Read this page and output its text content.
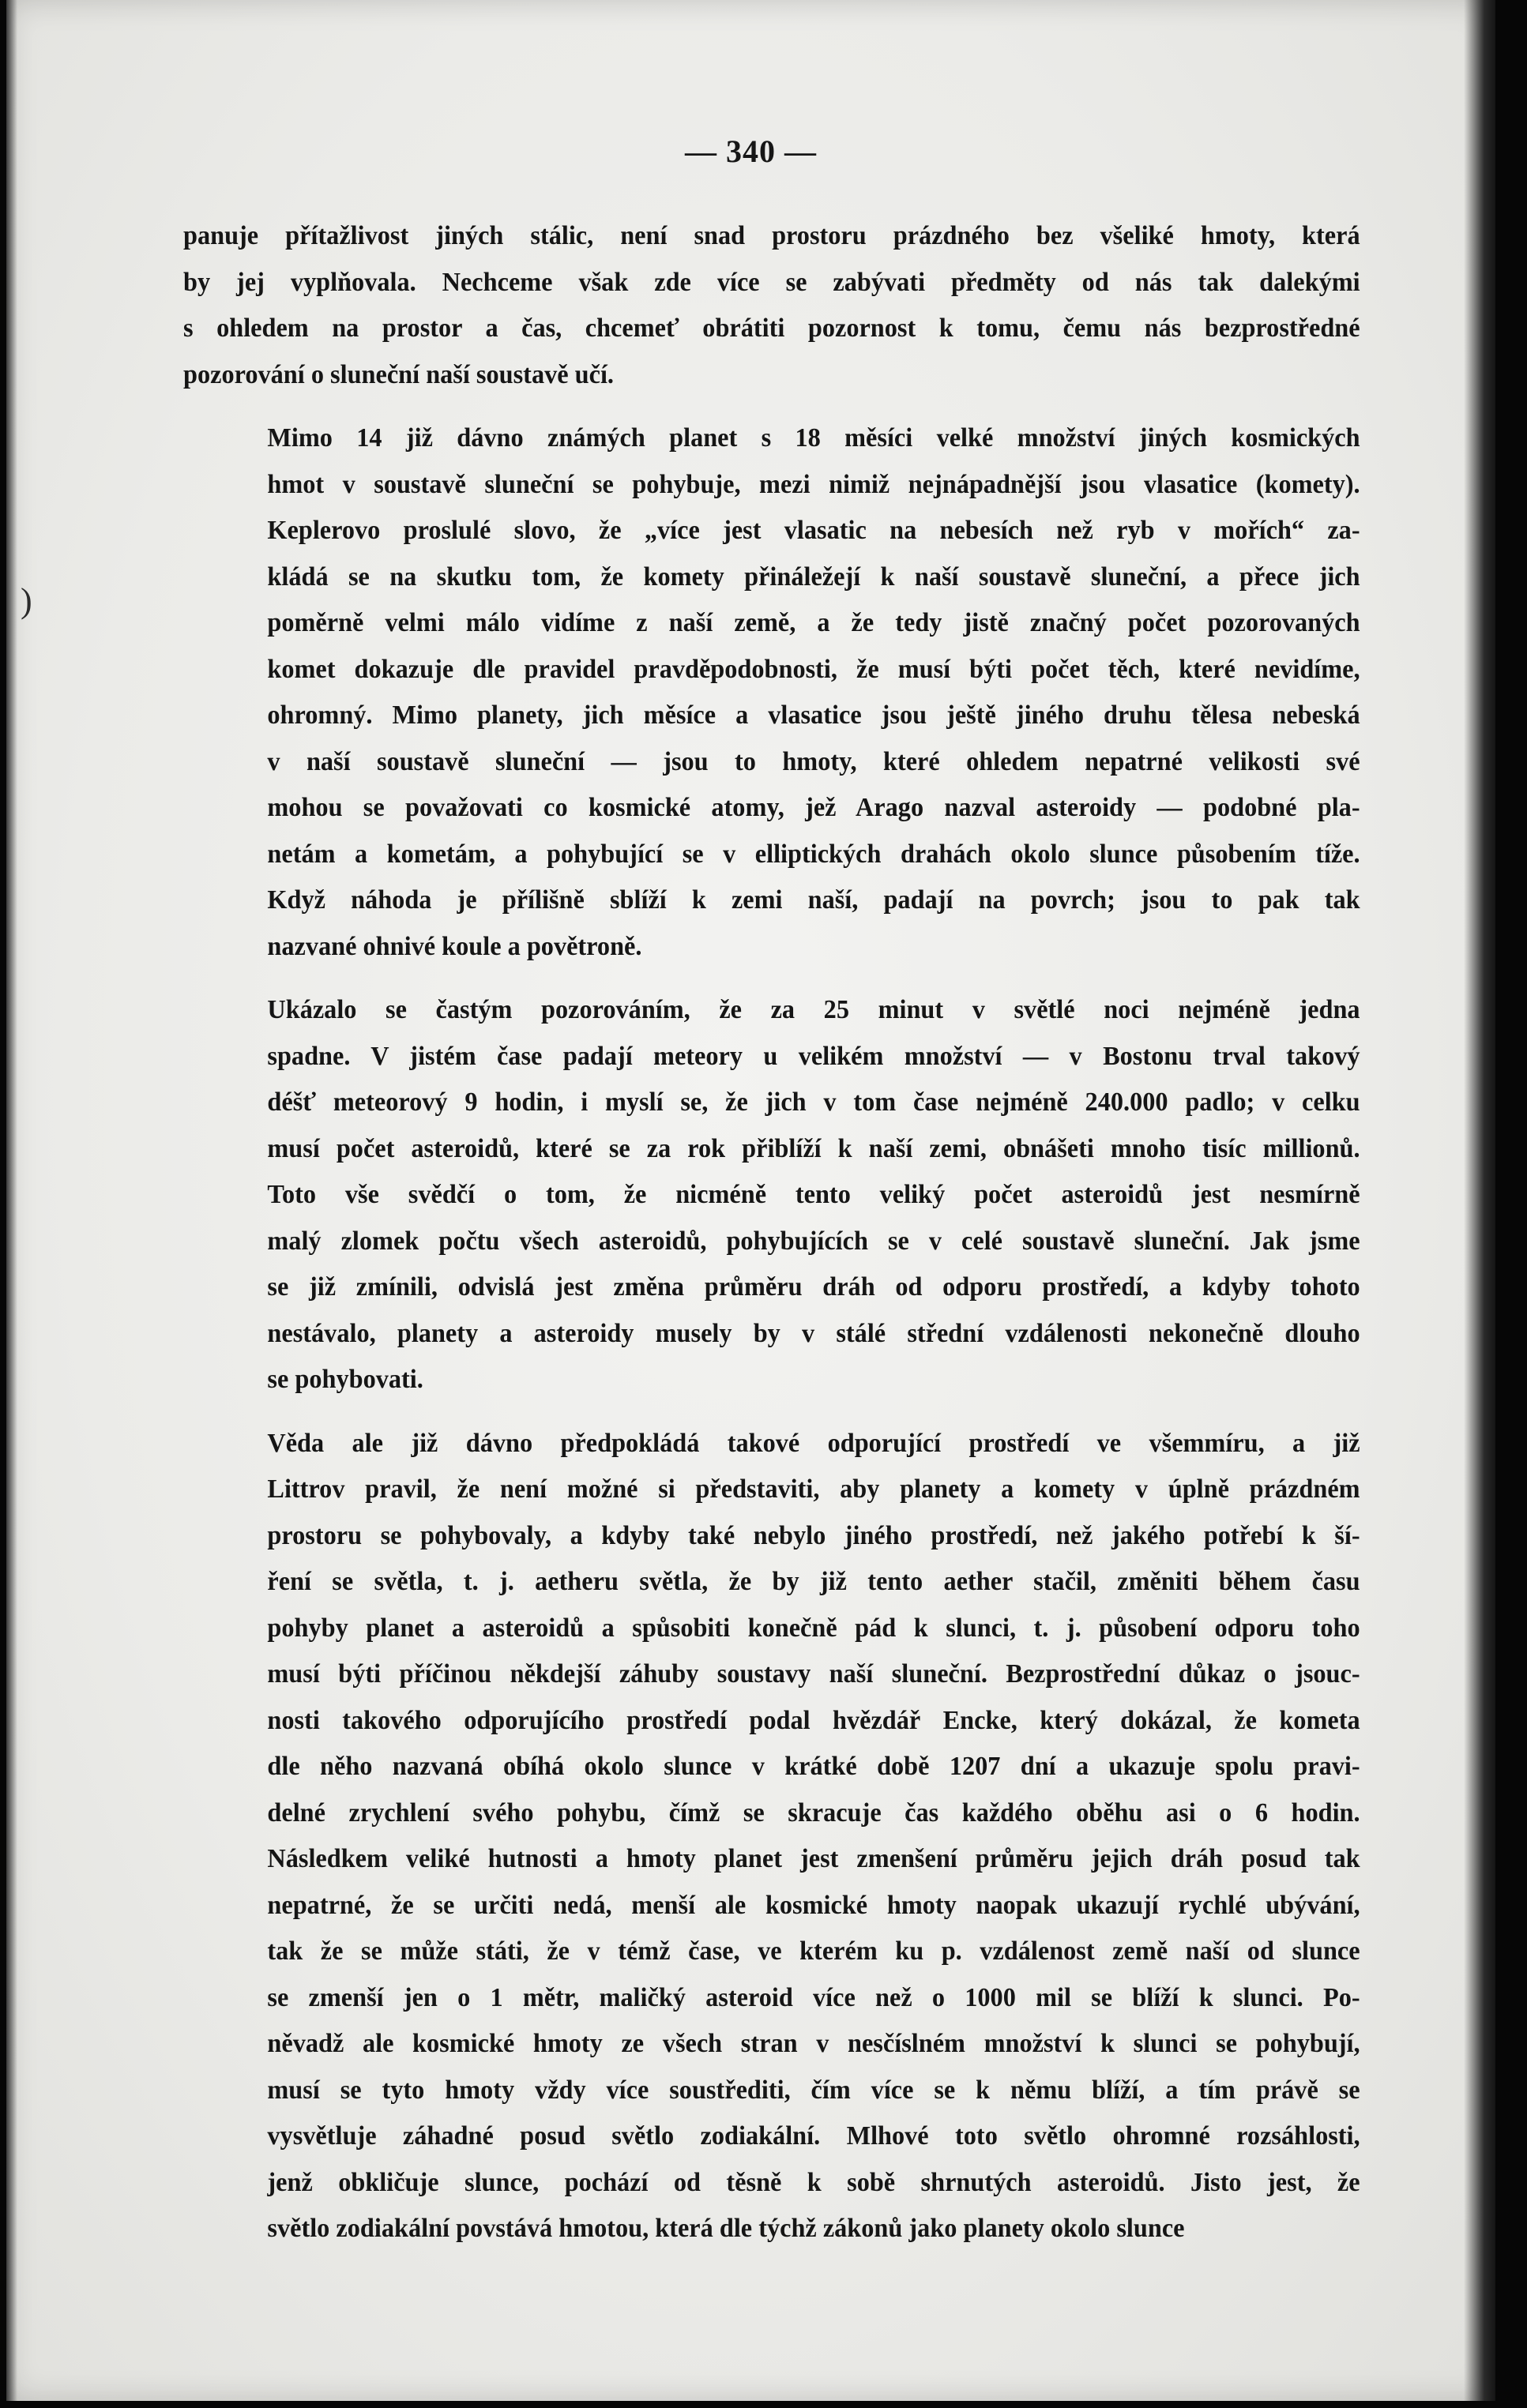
— 340 —
)

panuje přítažlivost jiných stálic, není snad prostoru prázdného bez všeliké hmoty, která
by jej vyplňovala. Nechceme však zde více se zabývati předměty od nás tak dalekými
s ohledem na prostor a čas, chcemeť obrátiti pozornost k tomu, čemu nás bezprostředné
pozorování o sluneční naší soustavě učí.

Mimo 14 již dávno známých planet s 18 měsíci velké množství jiných kosmických
hmot v soustavě sluneční se pohybuje, mezi nimiž nejnápadnější jsou vlasatice (komety).
Keplerovo proslulé slovo, že „více jest vlasatic na nebesích než ryb v mořích“ za-
kládá se na skutku tom, že komety přináležejí k naší soustavě sluneční, a přece jich
poměrně velmi málo vidíme z naší země, a že tedy jistě značný počet pozorovaných
komet dokazuje dle pravidel pravděpodobnosti, že musí býti počet těch, které nevidíme,
ohromný. Mimo planety, jich měsíce a vlasatice jsou ještě jiného druhu tělesa nebeská
v naší soustavě sluneční — jsou to hmoty, které ohledem nepatrné velikosti své
mohou se považovati co kosmické atomy, jež Arago nazval asteroidy — podobné pla-
netám a kometám, a pohybující se v elliptických drahách okolo slunce působením tíže.
Když náhoda je přílišně sblíží k zemi naší, padají na povrch; jsou to pak tak
nazvané ohnivé koule a povětroně.

Ukázalo se častým pozorováním, že za 25 minut v světlé noci nejméně jedna
spadne. V jistém čase padají meteory u velikém množství — v Bostonu trval takový
déšť meteorový 9 hodin, i myslí se, že jich v tom čase nejméně 240.000 padlo; v celku
musí počet asteroidů, které se za rok přiblíží k naší zemi, obnášeti mnoho tisíc millionů.
Toto vše svědčí o tom, že nicméně tento veliký počet asteroidů jest nesmírně
malý zlomek počtu všech asteroidů, pohybujících se v celé soustavě sluneční. Jak jsme
se již zmínili, odvislá jest změna průměru dráh od odporu prostředí, a kdyby tohoto
nestávalo, planety a asteroidy musely by v stálé střední vzdálenosti nekonečně dlouho
se pohybovati.

Věda ale již dávno předpokládá takové odporující prostředí ve všemmíru, a již
Littrov pravil, že není možné si představiti, aby planety a komety v úplně prázdném
prostoru se pohybovaly, a kdyby také nebylo jiného prostředí, než jakého potřebí k ší-
ření se světla, t. j. aetheru světla, že by již tento aether stačil, změniti během času
pohyby planet a asteroidů a spůsobiti konečně pád k slunci, t. j. působení odporu toho
musí býti příčinou někdejší záhuby soustavy naší sluneční. Bezprostřední důkaz o jsouc-
nosti takového odporujícího prostředí podal hvězdář Encke, který dokázal, že kometa
dle něho nazvaná obíhá okolo slunce v krátké době 1207 dní a ukazuje spolu pravi-
delné zrychlení svého pohybu, čímž se skracuje čas každého oběhu asi o 6 hodin.
Následkem veliké hutnosti a hmoty planet jest zmenšení průměru jejich dráh posud tak
nepatrné, že se určiti nedá, menší ale kosmické hmoty naopak ukazují rychlé ubývání,
tak že se může státi, že v témž čase, ve kterém ku p. vzdálenost země naší od slunce
se zmenší jen o 1 mětr, maličký asteroid více než o 1000 mil se blíží k slunci. Po-
něvadž ale kosmické hmoty ze všech stran v nesčíslném množství k slunci se pohybují,
musí se tyto hmoty vždy více soustřediti, čím více se k němu blíží, a tím právě se
vysvětluje záhadné posud světlo zodiakální. Mlhové toto světlo ohromné rozsáhlosti,
jenž obkličuje slunce, pochází od těsně k sobě shrnutých asteroidů. Jisto jest, že
světlo zodiakální povstává hmotou, která dle týchž zákonů jako planety okolo slunce
